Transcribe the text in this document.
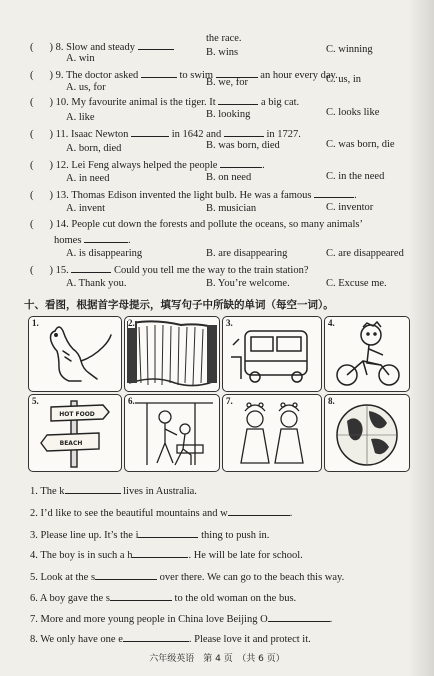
the race.
( ) 8. Slow and steady
A. win
B. wins	C. winning
( ) 9. The doctor asked	to swim	an hour every day.
A. us, for	B. we, for	C. us, in
( ) 10. My favourite animal is the tiger. It	a big cat.
A. like	B. looking	C. looks like
( ) 11. Isaac Newton	in 1642 and	in 1727.
A. born, died	B. was born, died	C. was born, die
( ) 12. Lei Feng always helped the people	.
A. in need	B. on need	C. in the need
( ) 13. Thomas Edison invented the light bulb. He was a famous	.
A. invent	B. musician	C. inventor
( ) 14. People cut down the forests and pollute the oceans, so many animals’
homes	.
A. is disappearing	B. are disappearing	C. are disappeared
( ) 15.	Could you tell me the way to the train station?
A. Thank you.	B. You’re welcome.	C. Excuse me.
十、看图，根据首字母提示，填写句子中所缺的单词（每空一词）。
1.	2.	3.	4.
HOT FOOD
BEACH
5.	6.	7.	8.
1. The k	lives in Australia.
2. I’d like to see the beautiful mountains and w	.
3. Please line up. It’s the i	thing to push in.
4. The boy is in such a h	. He will be late for school.
5. Look at the s	over there. We can go to the beach this way.
6. A boy gave the s	to the old woman on the bus.
7. More and more young people in China love Beijing O	.
8. We only have one e	. Please love it and protect it.
六年级英语　第 4 页　（共 6 页）
